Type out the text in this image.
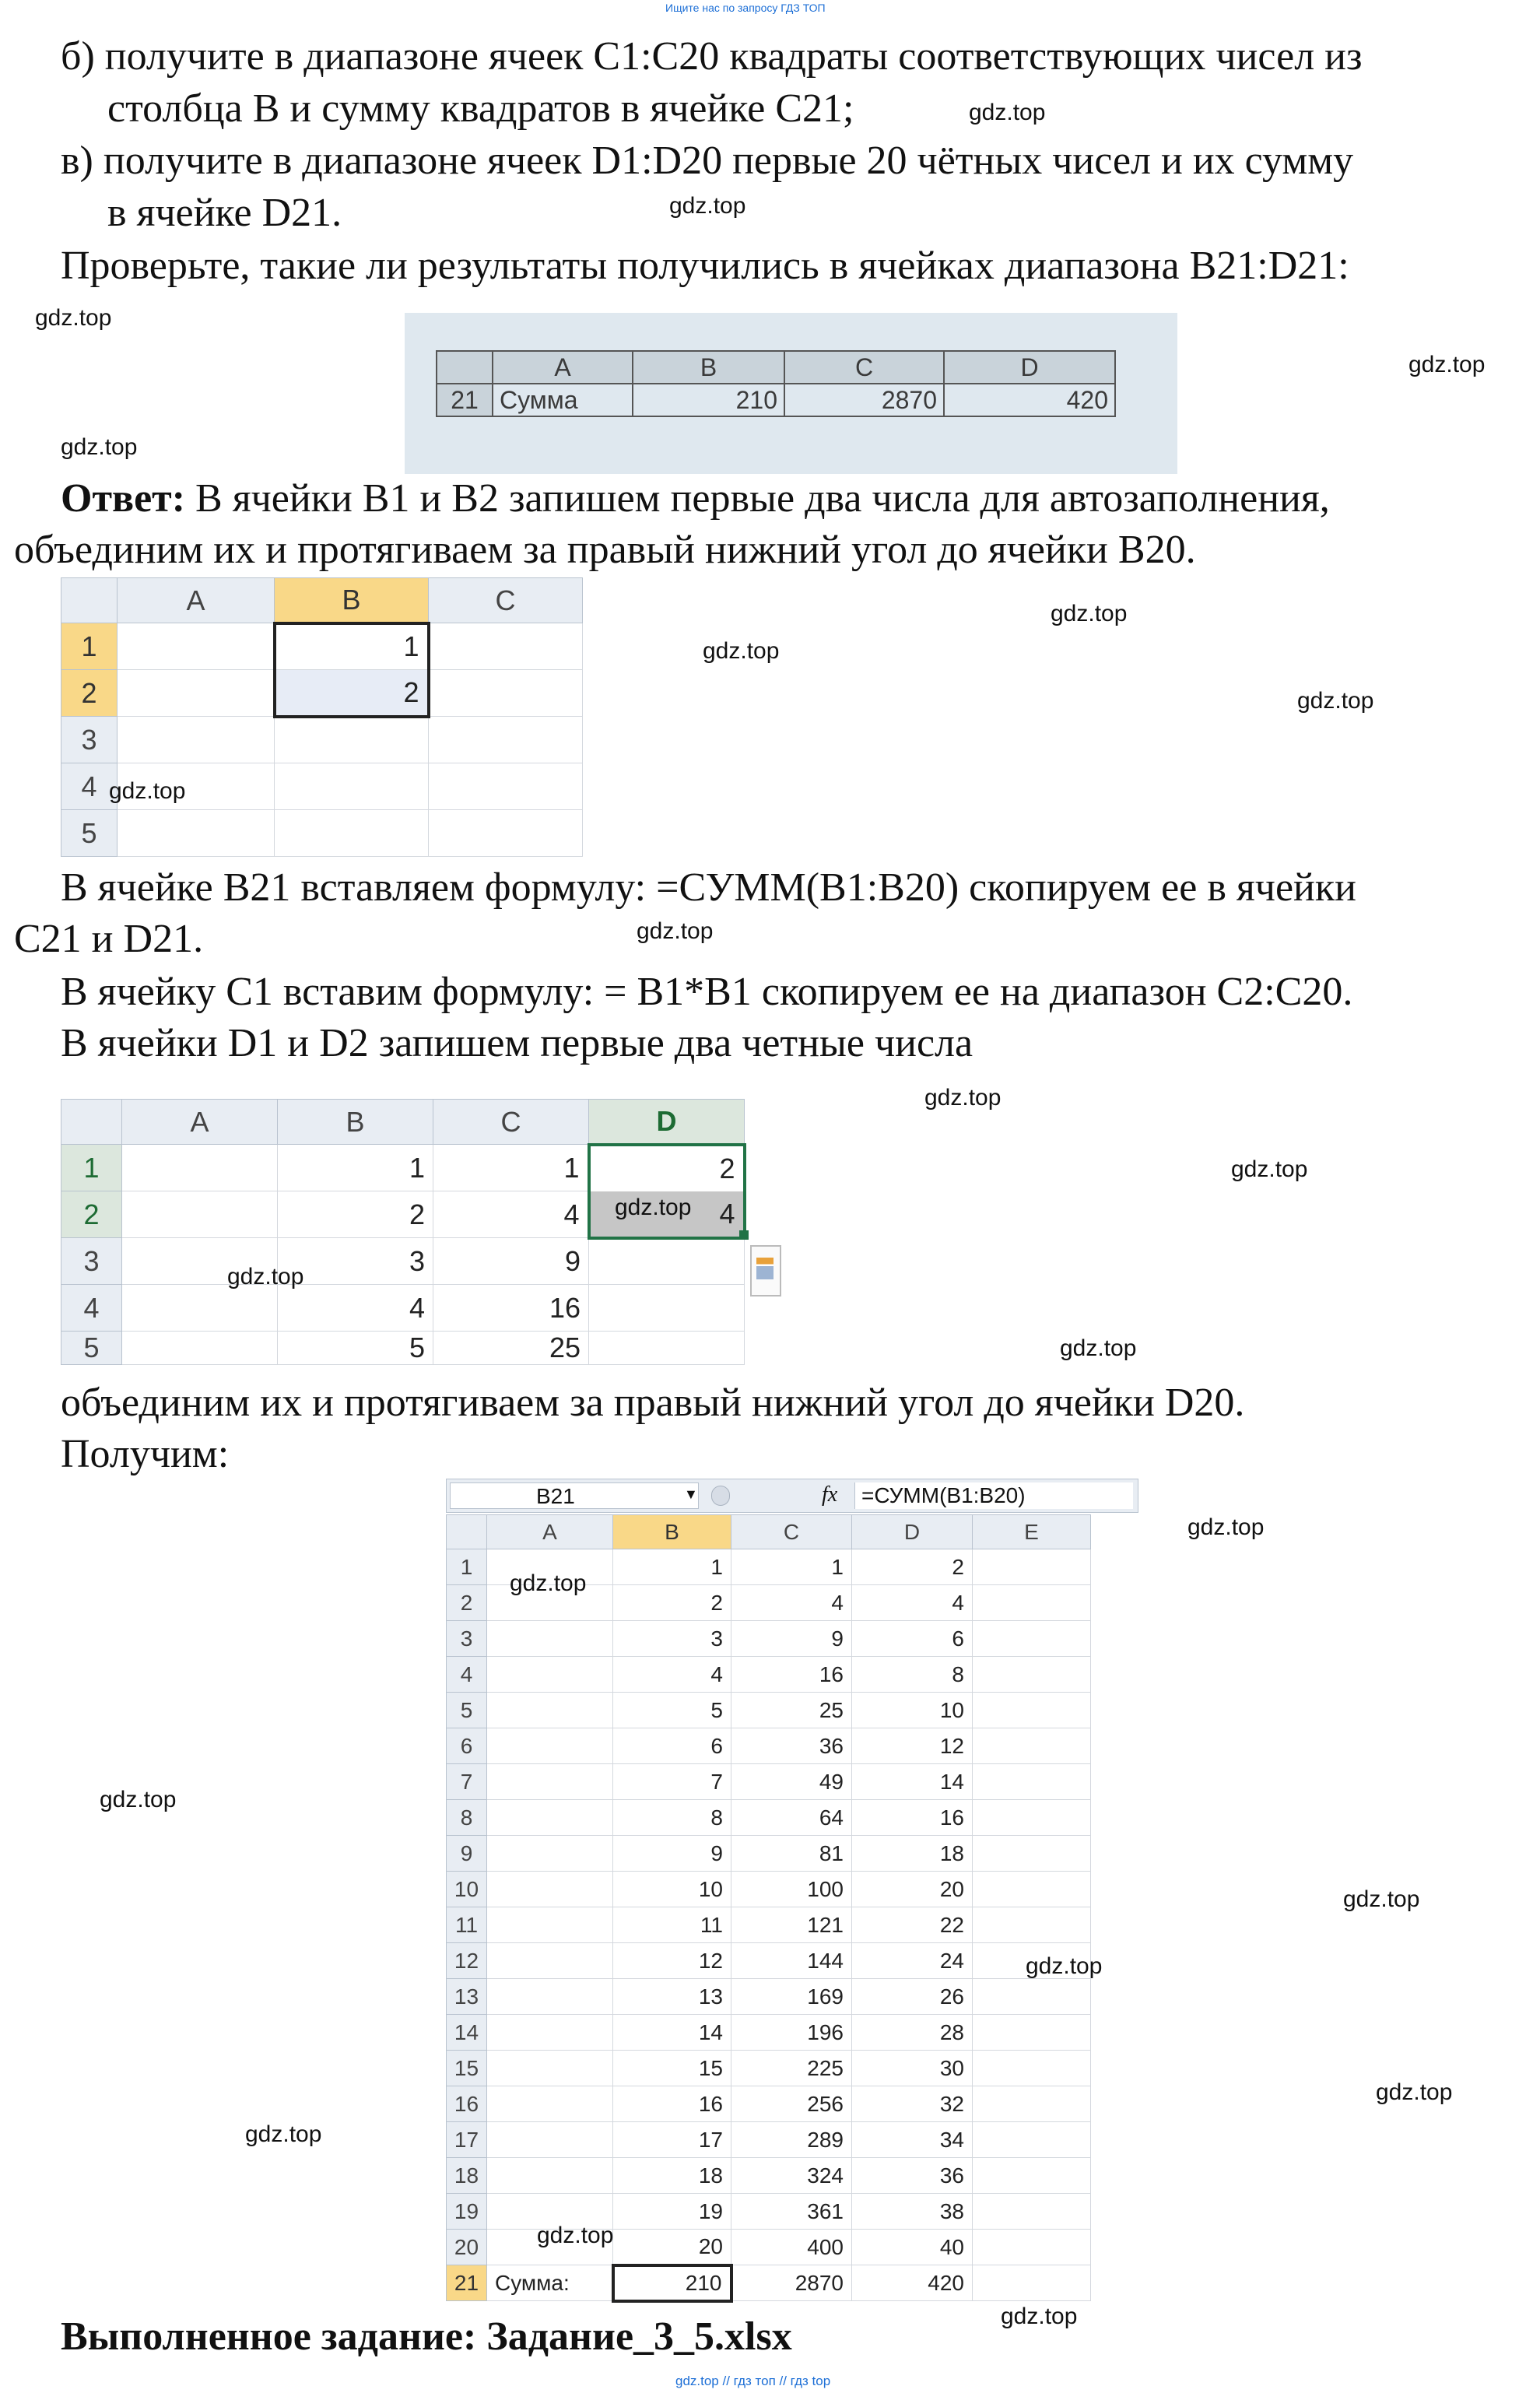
Ищите нас по запросу ГДЗ ТОП
б) получите в диапазоне ячеек C1:C20 квадраты соответствующих чисел из
столбца B и сумму квадратов в ячейке C21;
в) получите в диапазоне ячеек D1:D20 первые 20 чётных чисел и их сумму
в ячейке D21.
Проверьте, такие ли результаты получились в ячейках диапазона B21:D21:
	A	B	C	D
21	Сумма	210	2870	420
Ответ: В ячейки B1 и B2 запишем первые два числа для автозаполнения,
объединим их и протягиваем за правый нижний угол до ячейки B20.
	A	B	C
1		1	
2		2	
3			
4			
5			
В ячейке B21 вставляем формулу: =СУММ(B1:B20) скопируем ее в ячейки
C21 и D21.
В ячейку C1 вставим формулу: = B1*B1 скопируем ее на диапазон C2:C20.
В ячейки D1 и D2 запишем первые два четные числа
	A	B	C	D
1		1	1	2
2		2	4	4
3		3	9	
4		4	16	
5		5	25	
объединим их и протягиваем за правый нижний угол до ячейки D20.
Получим:
B21	▼	fx =СУММ(B1:B20)
	A	B	C	D	E
1		1	1	2	
2		2	4	4	
3		3	9	6	
4		4	16	8	
5		5	25	10	
6		6	36	12	
7		7	49	14	
8		8	64	16	
9		9	81	18	
10		10	100	20	
11		11	121	22	
12		12	144	24	
13		13	169	26	
14		14	196	28	
15		15	225	30	
16		16	256	32	
17		17	289	34	
18		18	324	36	
19		19	361	38	
20		20	400	40	
21	Сумма:	210	2870	420	
Выполненное задание: Задание_3_5.xlsx
gdz.top
gdz.top
gdz.top
gdz.top
gdz.top
gdz.top
gdz.top
gdz.top
gdz.top
gdz.top
gdz.top
gdz.top
gdz.top
gdz.top
gdz.top
gdz.top
gdz.top
gdz.top
gdz.top
gdz.top
gdz.top
gdz.top
gdz.top
gdz.top
gdz.top // гдз топ // гдз top
